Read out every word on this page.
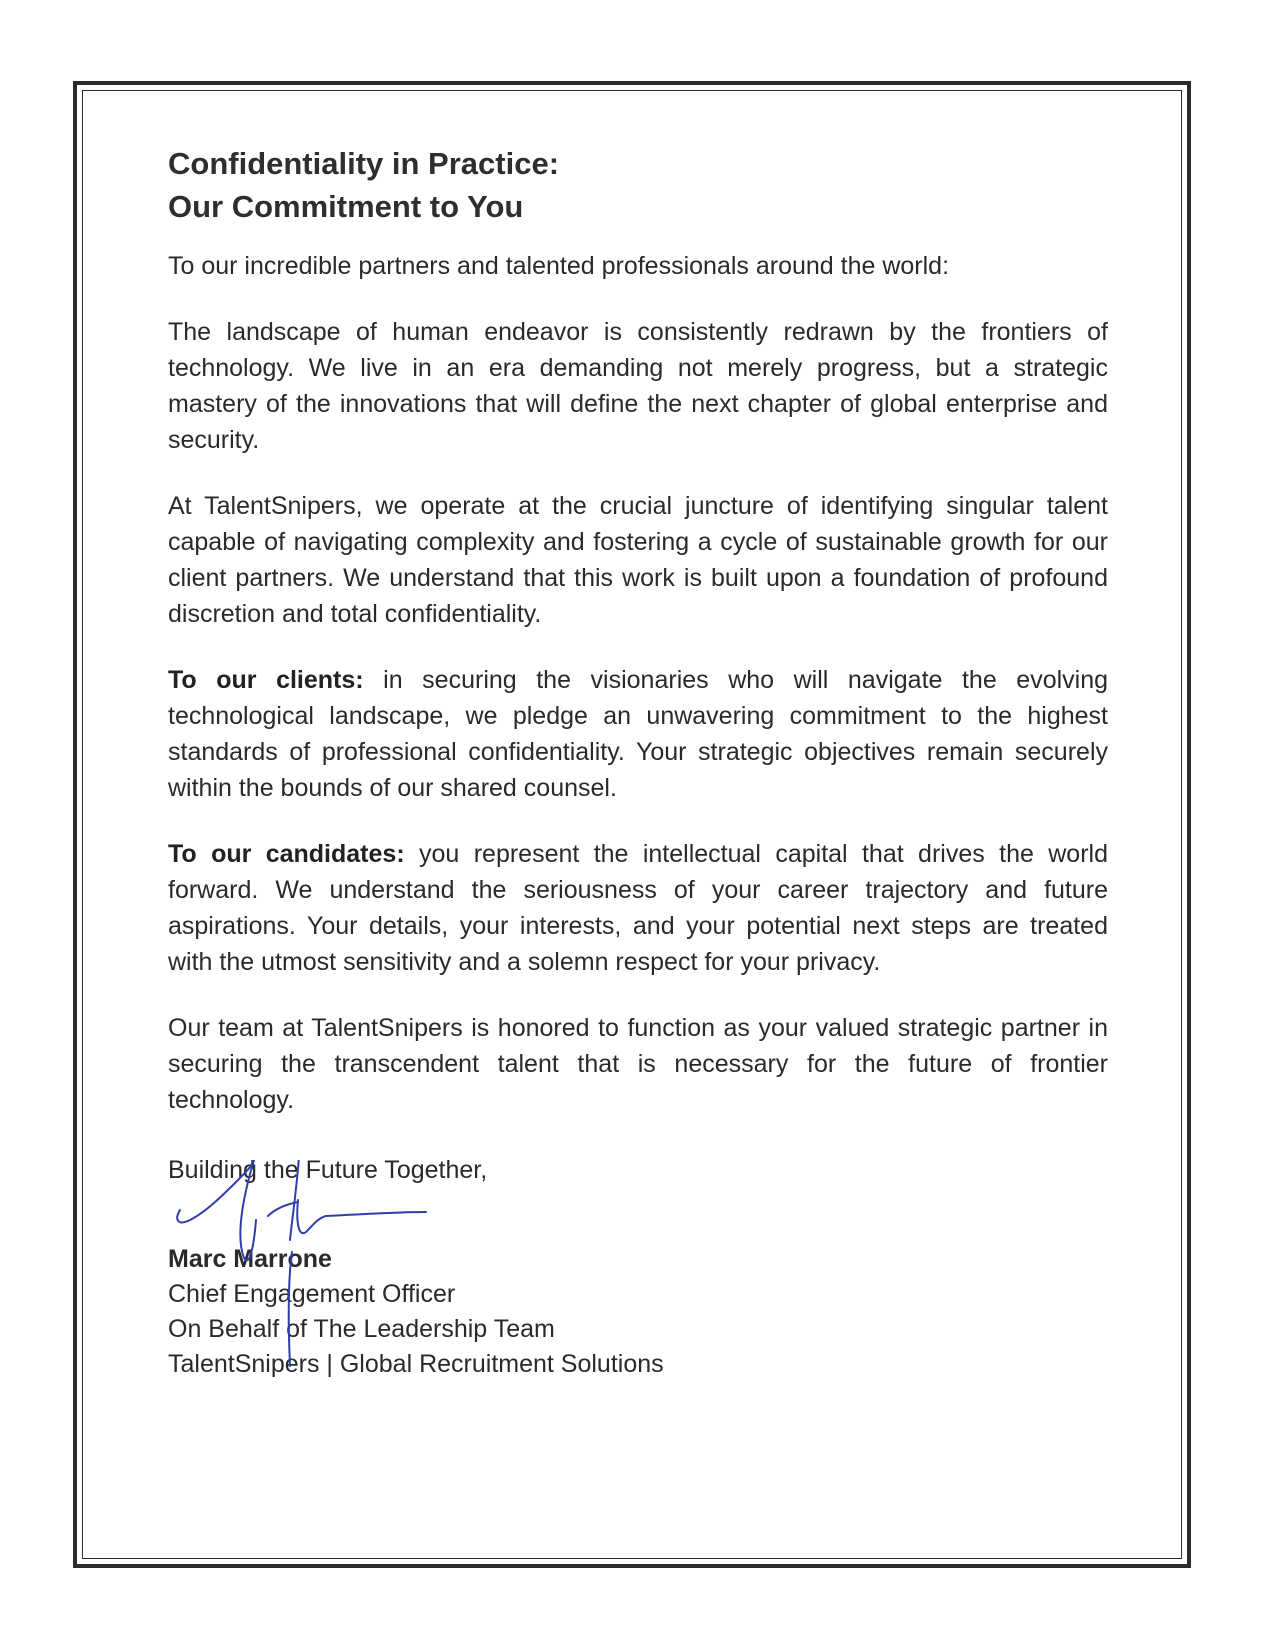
Confidentiality in Practice:
Our Commitment to You
To our incredible partners and talented professionals around the world:

The landscape of human endeavor is consistently redrawn by the frontiers of technology. We live in an era demanding not merely progress, but a strategic mastery of the innovations that will define the next chapter of global enterprise and security.

At TalentSnipers, we operate at the crucial juncture of identifying singular talent capable of navigating complexity and fostering a cycle of sustainable growth for our client partners. We understand that this work is built upon a foundation of profound discretion and total confidentiality.

To our clients: in securing the visionaries who will navigate the evolving technological landscape, we pledge an unwavering commitment to the highest standards of professional confidentiality. Your strategic objectives remain securely within the bounds of our shared counsel.

To our candidates: you represent the intellectual capital that drives the world forward. We understand the seriousness of your career trajectory and future aspirations. Your details, your interests, and your potential next steps are treated with the utmost sensitivity and a solemn respect for your privacy.

Our team at TalentSnipers is honored to function as your valued strategic partner in securing the transcendent talent that is necessary for the future of frontier technology.

Building the Future Together,
Marc Marrone
Chief Engagement Officer
On Behalf of The Leadership Team
TalentSnipers | Global Recruitment Solutions
